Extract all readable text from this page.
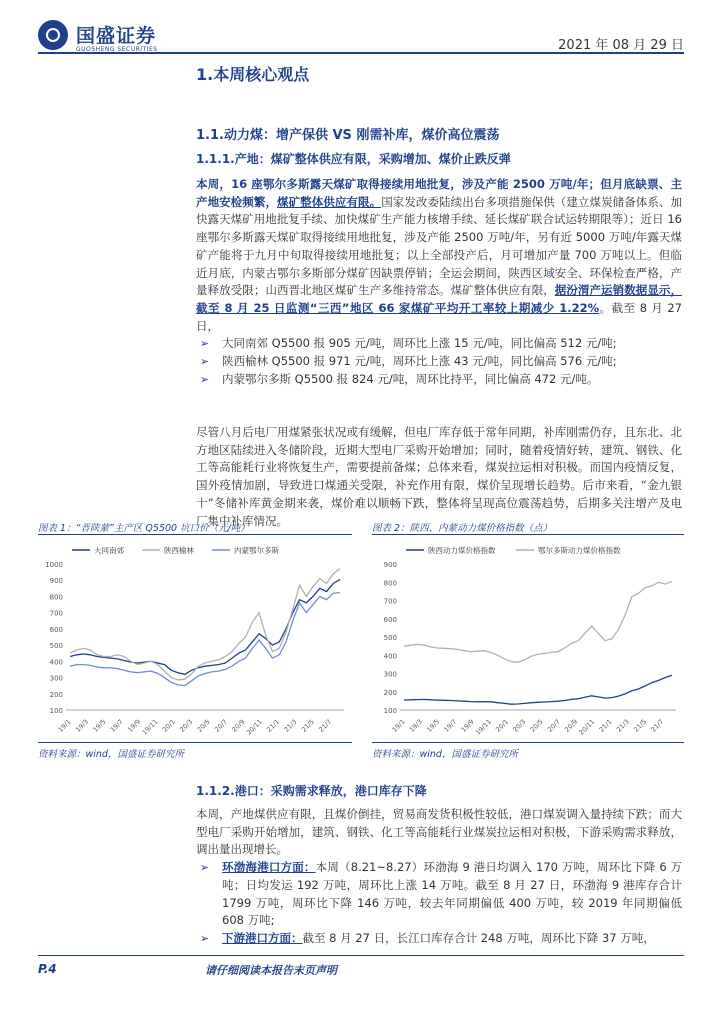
国盛证券
GUOSHENG SECURITIES	2021 年 08 月 29 日
1.本周核心观点
1.1.动力煤：增产保供 VS 刚需补库，煤价高位震荡
1.1.1.产地：煤矿整体供应有限，采购增加、煤价止跌反弹
本周，16 座鄂尔多斯露天煤矿取得接续用地批复，涉及产能 2500 万吨/年；但月底缺票、主产地安检频繁，煤矿整体供应有限。国家发改委陆续出台多项措施保供（建立煤炭储备体系、加快露天煤矿用地批复手续、加快煤矿生产能力核增手续、延长煤矿联合试运转期限等）；近日 16 座鄂尔多斯露天煤矿取得接续用地批复，涉及产能 2500 万吨/年，另有近 5000 万吨/年露天煤矿产能将于九月中旬取得接续用地批复；以上全部投产后，月可增加产量 700 万吨以上。但临近月底，内蒙古鄂尔多斯部分煤矿因缺票停销；全运会期间，陕西区域安全、环保检查严格，产量释放受限；山西晋北地区煤矿生产多维持常态。煤矿整体供应有限，据汾渭产运销数据显示，截至 8 月 25 日监测“三西”地区 66 家煤矿平均开工率较上期减少 1.22%。截至 8 月 27 日，
➢ 大同南郊 Q5500 报 905 元/吨，周环比上涨 15 元/吨，同比偏高 512 元/吨;
➢ 陕西榆林 Q5500 报 971 元/吨，周环比上涨 43 元/吨，同比偏高 576 元/吨;
➢ 内蒙鄂尔多斯 Q5500 报 824 元/吨，周环比持平，同比偏高 472 元/吨。
尽管八月后电厂用煤紧张状况或有缓解，但电厂库存低于常年同期，补库刚需仍存，且东北、北方地区陆续进入冬储阶段，近期大型电厂采购开始增加；同时，随着疫情好转，建筑、钢铁、化工等高能耗行业将恢复生产，需要提前备煤；总体来看，煤炭拉运相对积极。而国内疫情反复，国外疫情加剧，导致进口煤通关受限，补充作用有限，煤价呈现增长趋势。后市来看，“金九银十”冬储补库黄金期来袭，煤价难以顺畅下跌，整体将呈现高位震荡趋势，后期多关注增产及电厂集中补库情况。
图表 1：“晋陕蒙”主产区 Q5500 坑口价（元/吨）	图表 2：陕西、内蒙动力煤价格指数（点）
100
200
300
400
500
600
700
800
900
1000
19/1 19/3 19/5 19/7 19/9
19/11 20/1 20/3 20/5 20/7 20/9
20/11 21/1 21/3 21/5 21/7
大同南郊	陕西榆林	内蒙鄂尔多斯
100
200
300
400
500
600
700
800
900
19/1 19/3 19/5 19/7 19/9
19/11 20/1 20/3 20/5 20/7 20/9
20/11 21/1 21/3 21/5 21/7
陕西动力煤价格指数	鄂尔多斯动力煤价格指数
资料来源：wind，国盛证券研究所	资料来源：wind，国盛证券研究所
1.1.2.港口：采购需求释放，港口库存下降
本周，产地煤供应有限，且煤价倒挂，贸易商发货积极性较低，港口煤炭调入量持续下跌；而大型电厂采购开始增加，建筑、钢铁、化工等高能耗行业煤炭拉运相对积极，下游采购需求释放，调出量出现增长。
➢ 环渤海港口方面：本周（8.21~8.27）环渤海 9 港日均调入 170 万吨，周环比下降 6 万吨；日均发运 192 万吨，周环比上涨 14 万吨。截至 8 月 27 日，环渤海 9 港库存合计 1799 万吨，周环比下降 146 万吨，较去年同期偏低 400 万吨，较 2019 年同期偏低 608 万吨;
➢ 下游港口方面：截至 8 月 27 日，长江口库存合计 248 万吨，周环比下降 37 万吨，
P.4	请仔细阅读本报告末页声明
